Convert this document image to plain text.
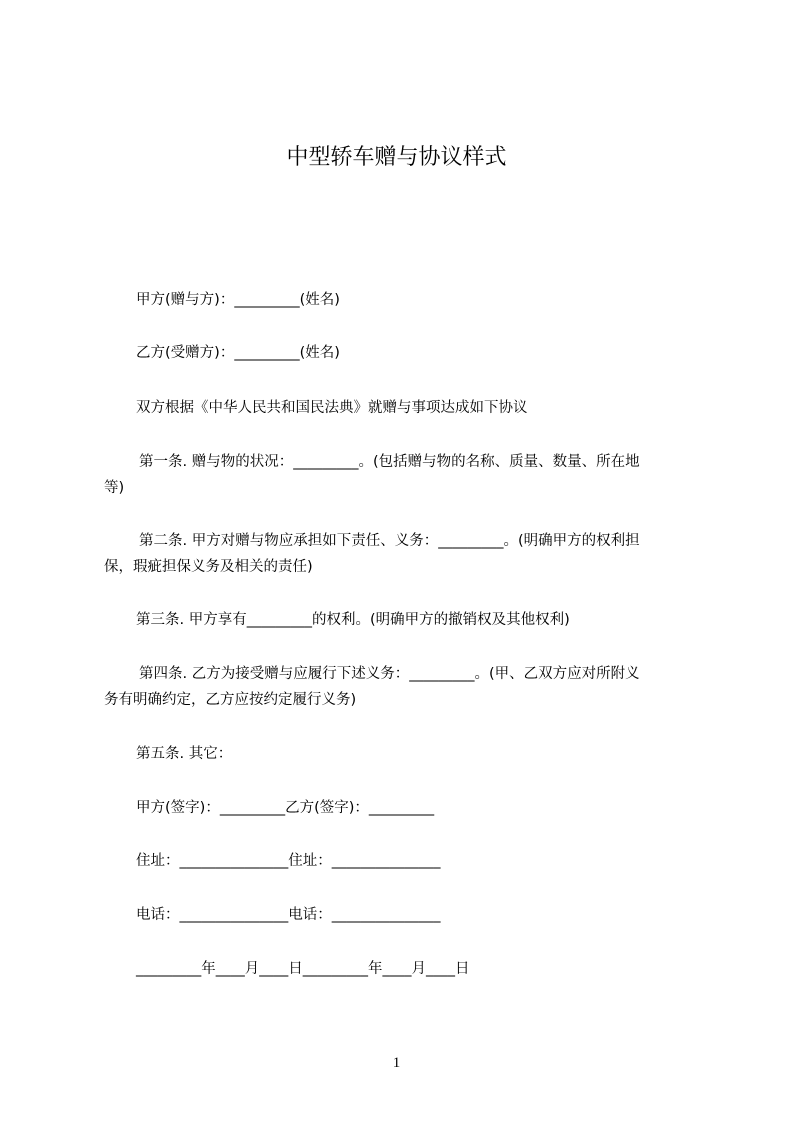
中型轿车赠与协议样式
甲方(赠与方)：_________(姓名)
乙方(受赠方)：_________(姓名)
双方根据《中华人民共和国民法典》就赠与事项达成如下协议
第一条. 赠与物的状况：_________。(包括赠与物的名称、质量、数量、所在地
等)
第二条. 甲方对赠与物应承担如下责任、义务：_________。(明确甲方的权利担
保，瑕疵担保义务及相关的责任)
第三条. 甲方享有_________的权利。(明确甲方的撤销权及其他权利)
第四条. 乙方为接受赠与应履行下述义务：_________。(甲、乙双方应对所附义
务有明确约定，乙方应按约定履行义务)
第五条. 其它：
甲方(签字)：_________乙方(签字)：_________
住址：_______________住址：_______________
电话：_______________电话：_______________
_________年____月____日_________年____月____日
1
